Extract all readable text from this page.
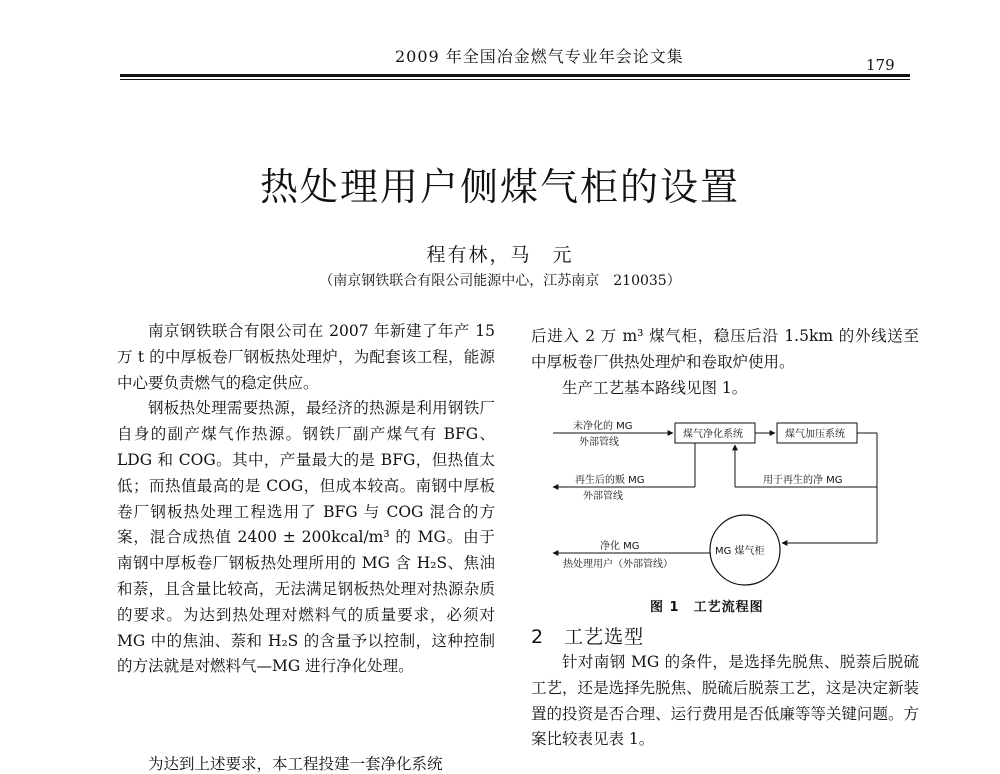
2009 年全国冶金燃气专业年会论文集	179
热处理用户侧煤气柜的设置
程有林，马　元
（南京钢铁联合有限公司能源中心，江苏南京　210035）

南京钢铁联合有限公司在 2007 年新建了年产 15 万 t 的中厚板卷厂钢板热处理炉，为配套该工程，能源中心要负责燃气的稳定供应。

钢板热处理需要热源，最经济的热源是利用钢铁厂自身的副产煤气作热源。钢铁厂副产煤气有 BFG、LDG 和 COG。其中，产量最大的是 BFG，但热值太低；而热值最高的是 COG，但成本较高。南钢中厚板卷厂钢板热处理工程选用了 BFG 与 COG 混合的方案，混合成热值 2400 ± 200kcal/m³ 的 MG。由于南钢中厚板卷厂钢板热处理所用的 MG 含 H₂S、焦油和萘，且含量比较高，无法满足钢板热处理对热源杂质的要求。为达到热处理对燃料气的质量要求，必须对 MG 中的焦油、萘和 H₂S 的含量予以控制，这种控制的方法就是对燃料气—MG 进行净化处理。

为达到上述要求，本工程投建一套净化系统

后进入 2 万 m³ 煤气柜，稳压后沿 1.5km 的外线送至中厚板卷厂供热处理炉和卷取炉使用。

生产工艺基本路线见图 1。

未净化的 MG
外部管线
煤气净化系统	煤气加压系统
用于再生的净 MG
再生后的贩 MG
外部管线
MG 煤气柜
净化 MG
热处理用户（外部管线）
图 1　工艺流程图
2　工艺选型

针对南钢 MG 的条件，是选择先脱焦、脱萘后脱硫工艺，还是选择先脱焦、脱硫后脱萘工艺，这是决定新装置的投资是否合理、运行费用是否低廉等等关键问题。方案比较表见表 1。
